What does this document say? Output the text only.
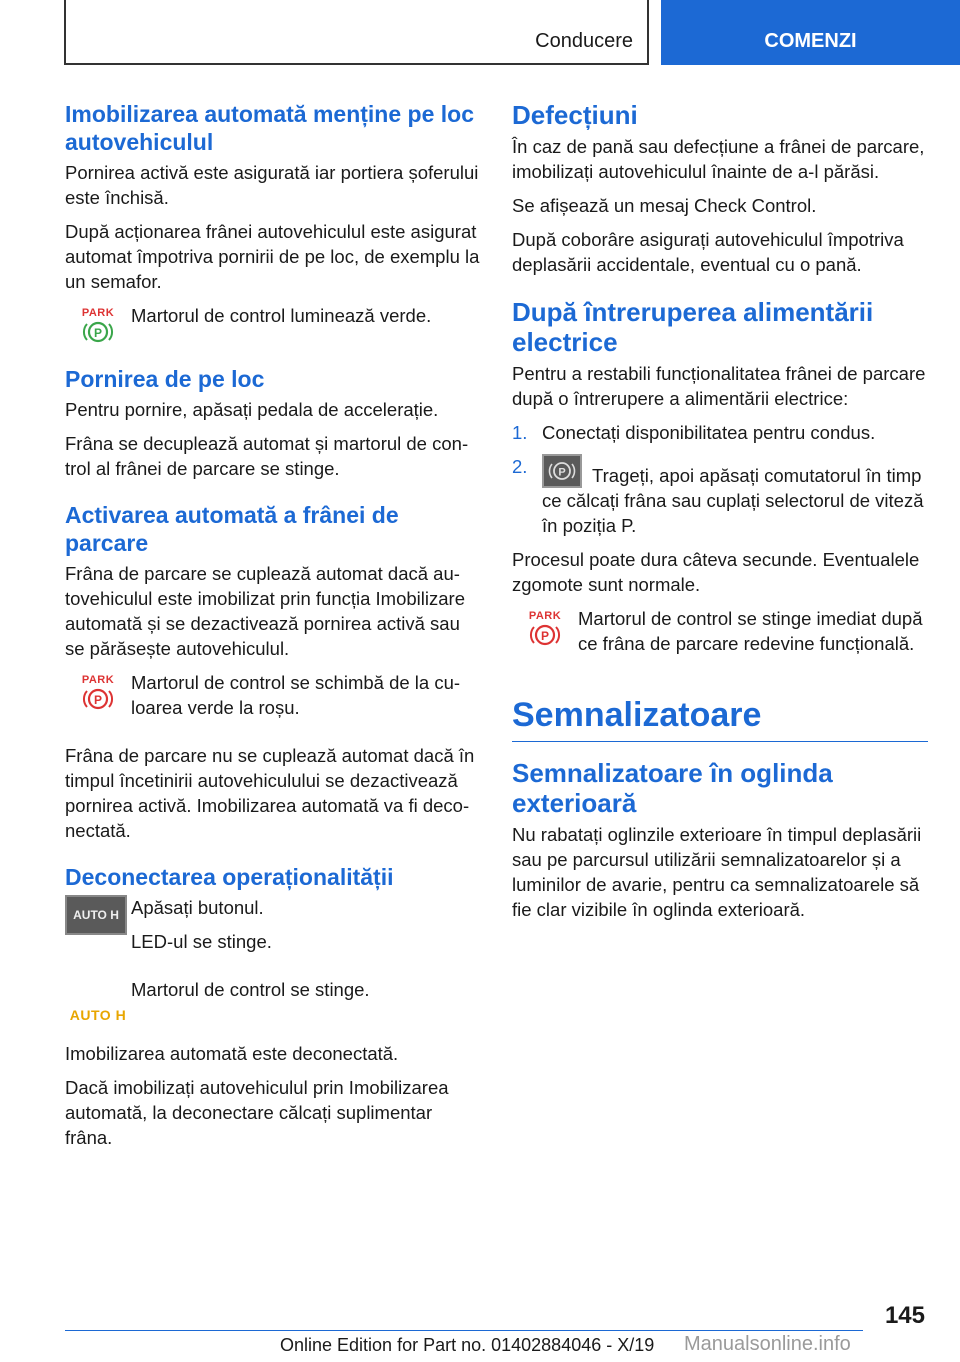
Conducere	COMENZI
Imobilizarea automată menține pe loc autovehiculul

Pornirea activă este asigurată iar portiera șoferului este închisă.

După acționarea frânei autovehiculul este asigurat automat împotriva pornirii de pe loc, de exemplu la un semafor.

PARK
P

Martorul de control luminează verde.

Pornirea de pe loc

Pentru pornire, apăsați pedala de accelerație.

Frâna se decuplează automat și martorul de control al frânei de parcare se stinge.

Activarea automată a frânei de parcare

Frâna de parcare se cuplează automat dacă autovehiculul este imobilizat prin funcția Imobilizare automată și se dezactivează pornirea activă sau se părăsește autovehiculul.

PARK
P

Martorul de control se schimbă de la culoarea verde la roșu.

Frâna de parcare nu se cuplează automat dacă în timpul încetinirii autovehiculului se dezactivează pornirea activă. Imobilizarea automată va fi deconectată.

Deconectarea operaționalității
AUTO H Apăsați butonul.

LED-ul se stinge.

AUTO H

Martorul de control se stinge.

Imobilizarea automată este deconectată.

Dacă imobilizați autovehiculul prin Imobilizarea automată, la deconectare călcați suplimentar frâna.

Defecțiuni

În caz de pană sau defecțiune a frânei de parcare, imobilizați autovehiculul înainte de a-l părăsi.

Se afișează un mesaj Check Control.

După coborâre asigurați autovehiculul împotriva deplasării accidentale, eventual cu o pană.

După întreruperea alimentării electrice

Pentru a restabili funcționalitatea frânei de parcare după o întrerupere a alimentării electrice:

1. Conectați disponibilitatea pentru condus.
2.	P Trageți, apoi apăsați comutatorul în timp ce călcați frâna sau cuplați selectorul de viteză în poziția P.

Procesul poate dura câteva secunde. Eventualele zgomote sunt normale.

PARK
P

Martorul de control se stinge imediat după ce frâna de parcare redevine funcțională.

Semnalizatoare
Semnalizatoare în oglinda exterioară

Nu rabatați oglinzile exterioare în timpul deplasării sau pe parcursul utilizării semnalizatoarelor și a luminilor de avarie, pentru ca semnalizatoarele să fie clar vizibile în oglinda exterioară.

145
Online Edition for Part no. 01402884046 - X/19 Manualsonline.info
